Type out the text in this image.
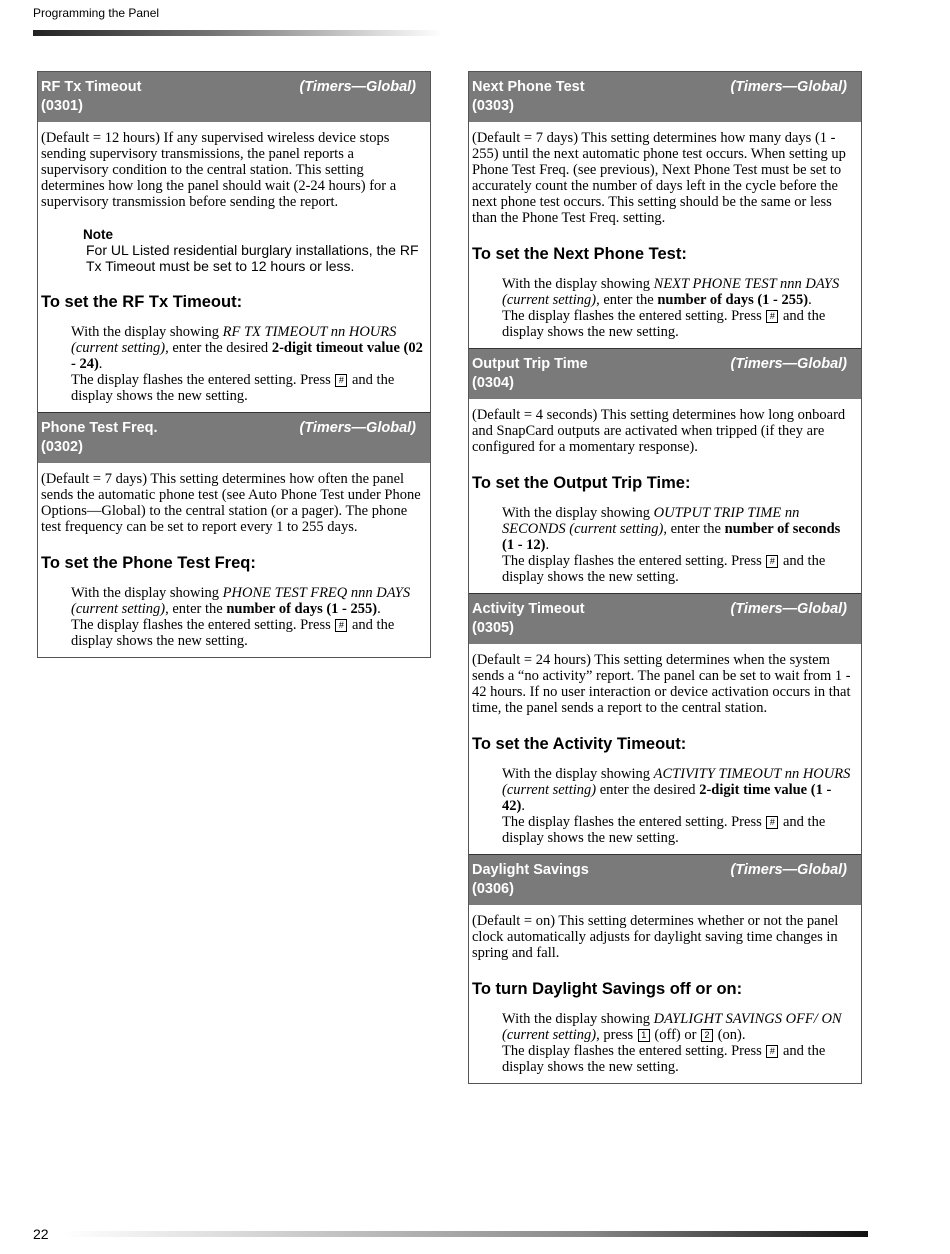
Programming the Panel
RF Tx Timeout	(Timers—Global)
(0301)

(Default = 12 hours) If any supervised wireless device stops sending supervisory transmissions, the panel reports a supervisory condition to the central station. This setting determines how long the panel should wait (2-24 hours) for a supervisory transmission before sending the report.

Note
For UL Listed residential burglary installations, the RF Tx Timeout must be set to 12 hours or less.
To set the RF Tx Timeout:

With the display showing RF TX TIMEOUT nn HOURS (current setting), enter the desired 2-digit timeout value (02 - 24).

The display flashes the entered setting. Press # and the display shows the new setting.

Phone Test Freq.	(Timers—Global)
(0302)

(Default = 7 days) This setting determines how often the panel sends the automatic phone test (see Auto Phone Test under Phone Options—Global) to the central station (or a pager). The phone test frequency can be set to report every 1 to 255 days.

To set the Phone Test Freq:

With the display showing PHONE TEST FREQ nnn DAYS (current setting), enter the number of days (1 - 255).

The display flashes the entered setting. Press # and the display shows the new setting.

Next Phone Test	(Timers—Global)
(0303)

(Default = 7 days) This setting determines how many days (1 - 255) until the next automatic phone test occurs. When setting up Phone Test Freq. (see previous), Next Phone Test must be set to accurately count the number of days left in the cycle before the next phone test occurs. This setting should be the same or less than the Phone Test Freq. setting.

To set the Next Phone Test:

With the display showing NEXT PHONE TEST nnn DAYS (current setting), enter the number of days (1 - 255).

The display flashes the entered setting. Press # and the display shows the new setting.

Output Trip Time	(Timers—Global)
(0304)

(Default = 4 seconds) This setting determines how long onboard and SnapCard outputs are activated when tripped (if they are configured for a momentary response).

To set the Output Trip Time:

With the display showing OUTPUT TRIP TIME nn SECONDS (current setting), enter the number of seconds (1 - 12).

The display flashes the entered setting. Press # and the display shows the new setting.

Activity Timeout	(Timers—Global)
(0305)

(Default = 24 hours) This setting determines when the system sends a “no activity” report. The panel can be set to wait from 1 - 42 hours. If no user interaction or device activation occurs in that time, the panel sends a report to the central station.

To set the Activity Timeout:

With the display showing ACTIVITY TIMEOUT nn HOURS (current setting) enter the desired 2-digit time value (1 - 42).

The display flashes the entered setting. Press # and the display shows the new setting.

Daylight Savings	(Timers—Global)
(0306)

(Default = on) This setting determines whether or not the panel clock automatically adjusts for daylight saving time changes in spring and fall.

To turn Daylight Savings off or on:

With the display showing DAYLIGHT SAVINGS OFF/ ON (current setting), press 1 (off) or 2 (on).

The display flashes the entered setting. Press # and the display shows the new setting.

22
